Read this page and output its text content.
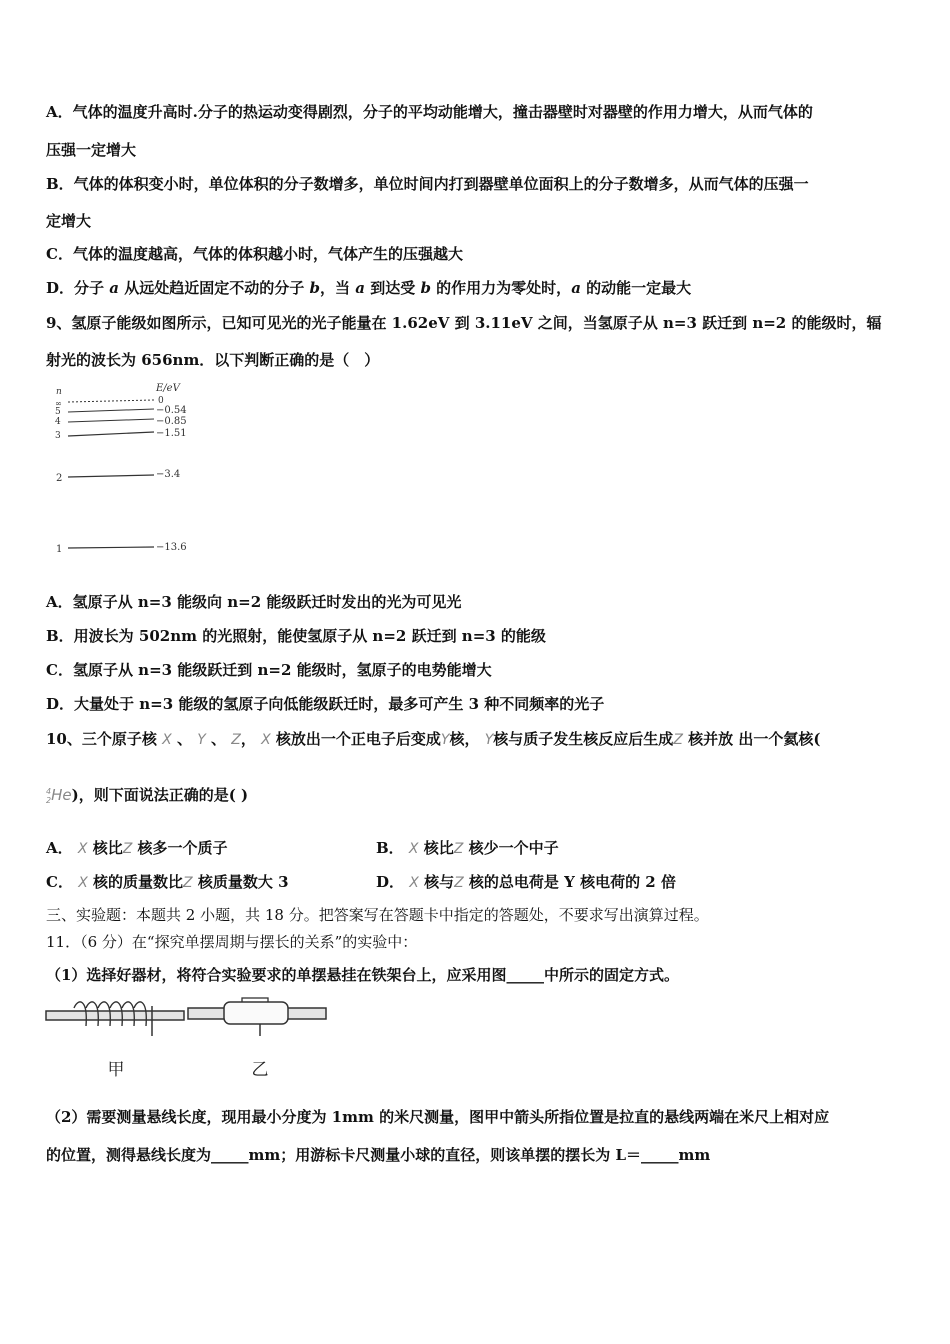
A．气体的温度升高时.分子的热运动变得剧烈，分子的平均动能增大，撞击器壁时对器壁的作用力增大，从而气体的
压强一定增大
B．气体的体积变小时，单位体积的分子数增多，单位时间内打到器壁单位面积上的分子数增多，从而气体的压强一
定增大
C．气体的温度越高，气体的体积越小时，气体产生的压强越大
D．分子 a 从远处趋近固定不动的分子 b，当 a 到达受 b 的作用力为零处时，a 的动能一定最大
9、氢原子能级如图所示，已知可见光的光子能量在 1.62eV 到 3.11eV 之间，当氢原子从 n=3 跃迁到 n=2 的能级时，辐
射光的波长为 656nm．以下判断正确的是（　）
n	E/eV
∞	0
5	−0.54
4	−0.85
3	−1.51
2	−3.4
1	−13.6
A．氢原子从 n=3 能级向 n=2 能级跃迁时发出的光为可见光
B．用波长为 502nm 的光照射，能使氢原子从 n=2 跃迁到 n=3 的能级
C．氢原子从 n=3 能级跃迁到 n=2 能级时，氢原子的电势能增大
D．大量处于 n=3 能级的氢原子向低能级跃迁时，最多可产生 3 种不同频率的光子
10、三个原子核 X 、 Y 、 Z， X 核放出一个正电子后变成Y核， Y核与质子发生核反应后生成Z 核并放 出一个氦核(
4
2 He)，则下面说法正确的是( )
A． X 核比Z 核多一个质子	B． X 核比Z 核少一个中子
C． X 核的质量数比Z 核质量数大 3	D． X 核与Z 核的总电荷是 Y 核电荷的 2 倍
三、实验题：本题共 2 小题，共 18 分。把答案写在答题卡中指定的答题处，不要求写出演算过程。
11．（6 分）在“探究单摆周期与摆长的关系”的实验中：
（1）选择好器材，将符合实验要求的单摆悬挂在铁架台上，应采用图_____中所示的固定方式。
甲	乙
（2）需要测量悬线长度，现用最小分度为 1mm 的米尺测量，图甲中箭头所指位置是拉直的悬线两端在米尺上相对应
的位置，测得悬线长度为_____mm；用游标卡尺测量小球的直径，则该单摆的摆长为 L＝_____mm
